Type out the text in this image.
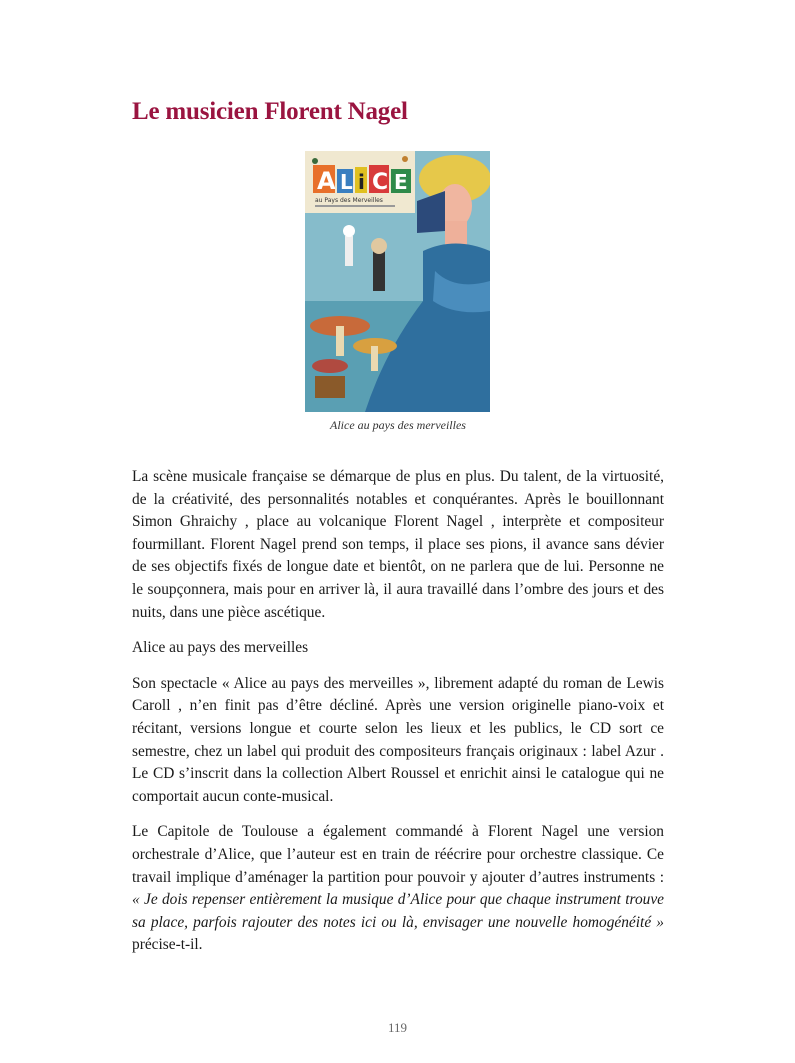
Le musicien Florent Nagel
A L i C E
au Pays des Merveilles
Alice au pays des merveilles

La scène musicale française se démarque de plus en plus. Du talent, de la virtuosité, de la créativité, des personnalités notables et conquérantes. Après le bouillonnant Simon Ghraichy , place au volcanique Florent Nagel , interprète et compositeur fourmillant. Florent Nagel prend son temps, il place ses pions, il avance sans dévier de ses objectifs fixés de longue date et bientôt, on ne parlera que de lui. Personne ne le soupçonnera, mais pour en arriver là, il aura travaillé dans l’ombre des jours et des nuits, dans une pièce ascétique.

Alice au pays des merveilles

Son spectacle « Alice au pays des merveilles », librement adapté du roman de Lewis Caroll , n’en finit pas d’être décliné. Après une version originelle piano-voix et récitant, versions longue et courte selon les lieux et les publics, le CD sort ce semestre, chez un label qui produit des compositeurs français originaux : label Azur . Le CD s’inscrit dans la collection Albert Roussel et enrichit ainsi le catalogue qui ne comportait aucun conte-musical.

Le Capitole de Toulouse a également commandé à Florent Nagel une version orchestrale d’Alice, que l’auteur est en train de réécrire pour orchestre classique. Ce travail implique d’aménager la partition pour pouvoir y ajouter d’autres instruments : « Je dois repenser entièrement la musique d’Alice pour que chaque instrument trouve sa place, parfois rajouter des notes ici ou là, envisager une nouvelle homogénéité » précise-t-il.

119
